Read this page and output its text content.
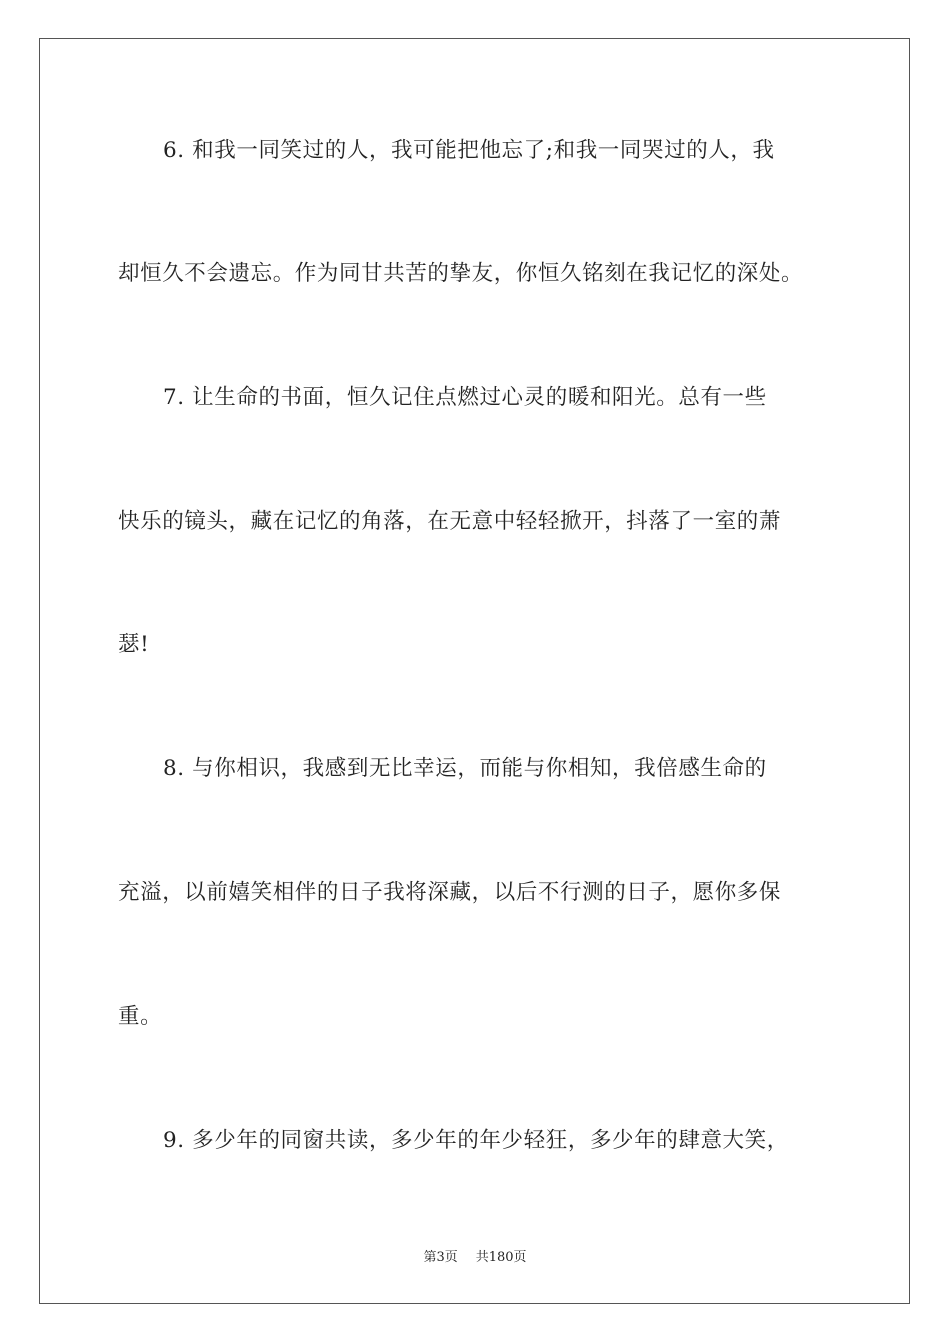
6. 和我一同笑过的人，我可能把他忘了;和我一同哭过的人，我
却恒久不会遗忘。作为同甘共苦的挚友，你恒久铭刻在我记忆的深处。
7. 让生命的书面，恒久记住点燃过心灵的暖和阳光。总有一些
快乐的镜头，藏在记忆的角落，在无意中轻轻掀开，抖落了一室的萧
瑟!
8. 与你相识，我感到无比幸运，而能与你相知，我倍感生命的
充溢，以前嬉笑相伴的日子我将深藏，以后不行测的日子，愿你多保
重。
9. 多少年的同窗共读，多少年的年少轻狂，多少年的肆意大笑，
第3页 共180页
